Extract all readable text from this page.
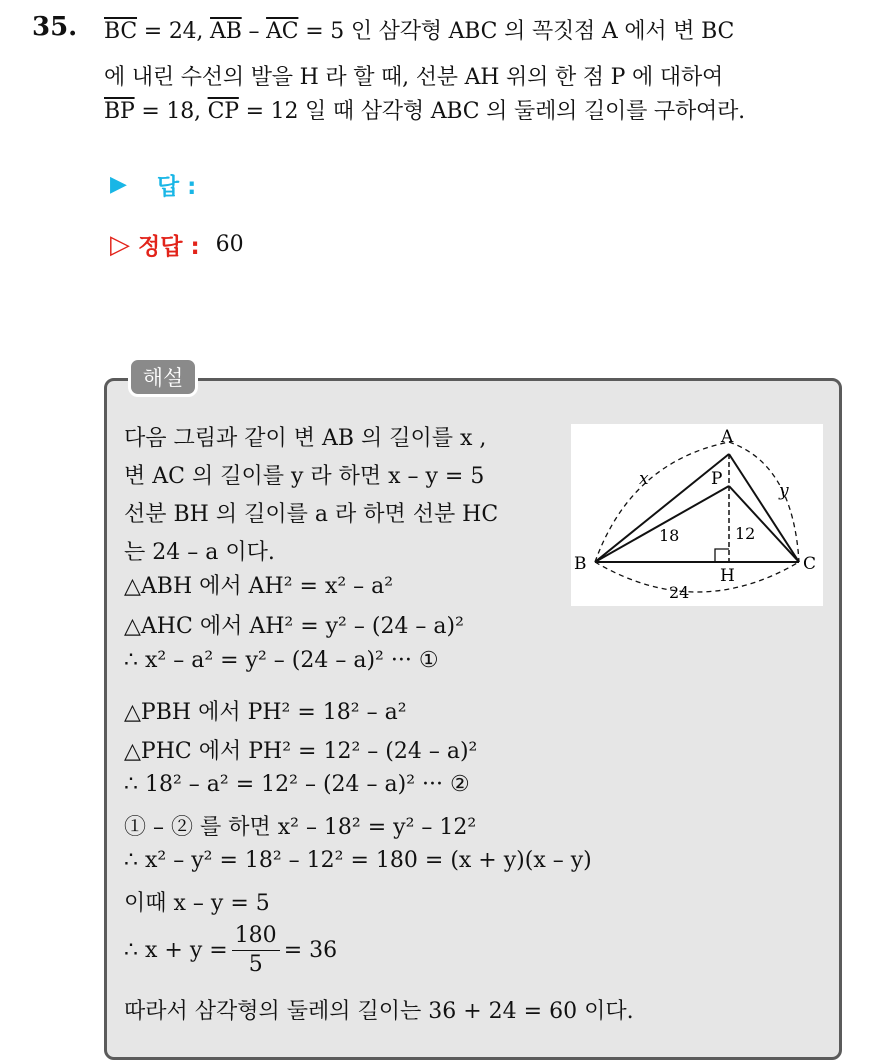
35. $\overline{BC} = 24$, $\overline{AB} - \overline{AC} = 5$ 인 삼각형 ABC 의 꼭짓점 A 에서 변 BC
에 내린 수선의 발을 H 라 할 때, 선분 AH 위의 한 점 P 에 대하여
$\overline{BP} = 18$, $\overline{CP} = 12$ 일 때 삼각형 ABC 의 둘레의 길이를 구하여라.
▶ 답 :
▷ 정답 : 60
해설
다음 그림과 같이 변 AB 의 길이를 x ,
변 AC 의 길이를 y 라 하면 x – y = 5
선분 BH 의 길이를 a 라 하면 선분 HC
는 24 – a 이다.
△ABH 에서 AH² = x² – a²
△AHC 에서 AH² = y² – (24 – a)²
∴ x² – a² = y² – (24 – a)² ··· ①
△PBH 에서 PH² = 18² – a²
△PHC 에서 PH² = 12² – (24 – a)²
∴ 18² – a² = 12² – (24 – a)² ··· ②
① – ② 를 하면 x² – 18² = y² – 12²
∴ x² – y² = 18² – 12² = 180 = (x + y)(x – y)
이때 x – y = 5
∴ $x + y = \frac{180}{5} = 36$
따라서 삼각형의 둘레의 길이는 36 + 24 = 60 이다.
A
B	C
H
P
x
y
18	12
24
